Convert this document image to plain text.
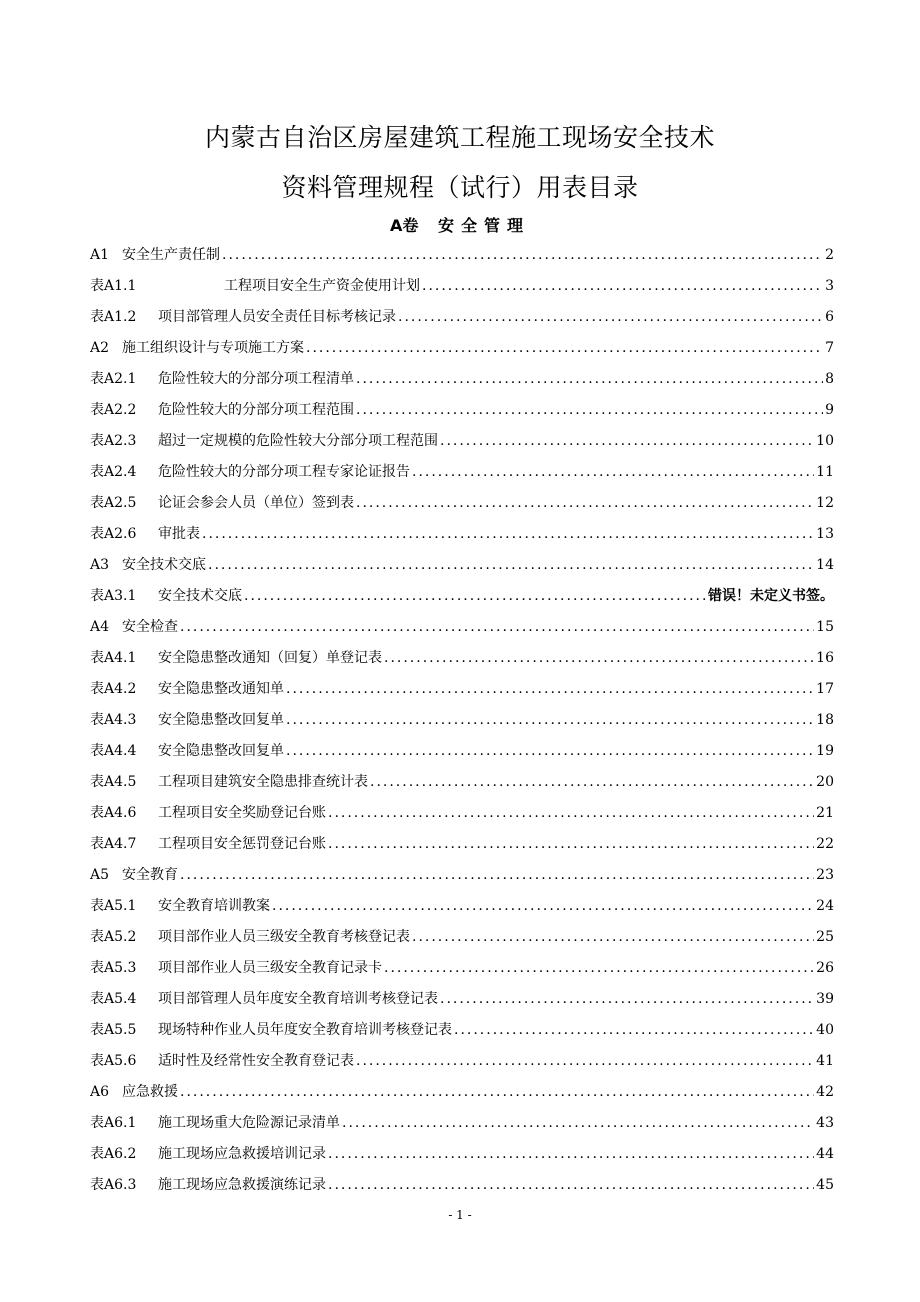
内蒙古自治区房屋建筑工程施工现场安全技术
资料管理规程（试行）用表目录
A卷 安全管理
A1 安全生产责任制 .....	2
表A1.1	工程项目安全生产资金使用计划 .....	3
表A1.2	项目部管理人员安全责任目标考核记录 .....	6
A2 施工组织设计与专项施工方案 .....	7
表A2.1	危险性较大的分部分项工程清单 .....	8
表A2.2	危险性较大的分部分项工程范围 .....	9
表A2.3	超过一定规模的危险性较大分部分项工程范围 .....	10
表A2.4	危险性较大的分部分项工程专家论证报告 .....	11
表A2.5	论证会参会人员（单位）签到表 .....	12
表A2.6	审批表 .....	13
A3 安全技术交底 .....	14
表A3.1	安全技术交底 .....	错误！未定义书签。
A4 安全检查 .....	15
表A4.1	安全隐患整改通知（回复）单登记表 .....	16
表A4.2	安全隐患整改通知单 .....	17
表A4.3	安全隐患整改回复单 .....	18
表A4.4	安全隐患整改回复单 .....	19
表A4.5	工程项目建筑安全隐患排查统计表 .....	20
表A4.6	工程项目安全奖励登记台账 .....	21
表A4.7	工程项目安全惩罚登记台账 .....	22
A5 安全教育 .....	23
表A5.1	安全教育培训教案 .....	24
表A5.2	项目部作业人员三级安全教育考核登记表 .....	25
表A5.3	项目部作业人员三级安全教育记录卡 .....	26
表A5.4	项目部管理人员年度安全教育培训考核登记表 .....	39
表A5.5	现场特种作业人员年度安全教育培训考核登记表 .....	40
表A5.6	适时性及经常性安全教育登记表 .....	41
A6 应急救援 .....	42
表A6.1	施工现场重大危险源记录清单 .....	43
表A6.2	施工现场应急救援培训记录 .....	44
表A6.3	施工现场应急救援演练记录 .....	45
- 1 -
